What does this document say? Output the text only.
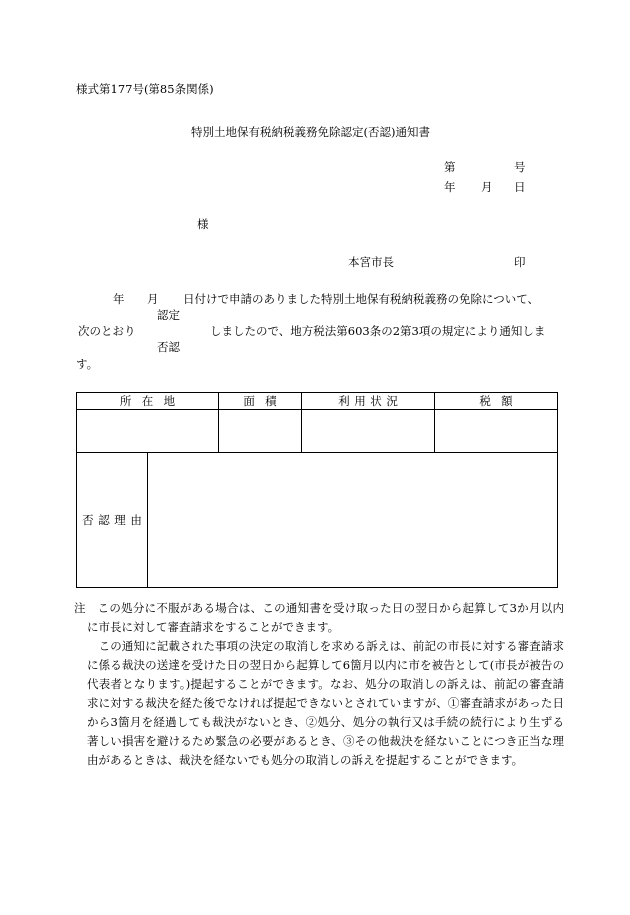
様式第177号(第85条関係)
特別土地保有税納税義務免除認定(否認)通知書
第	号
年 月 日
様
本宮市長	印
年 月 日付けで申請のありました特別土地保有税納税義務の免除について、
認定
次のとおり	しましたので、地方税法第603条の2第3項の規定により通知しま
否認
す。
所在地		面積	利用状況	税額

否認理由				

注　この処分に不服がある場合は、この通知書を受け取った日の翌日から起算して3か月以内に市長に対して審査請求をすることができます。

　この通知に記載された事項の決定の取消しを求める訴えは、前記の市長に対する審査請求に係る裁決の送達を受けた日の翌日から起算して6箇月以内に市を被告として(市長が被告の代表者となります。)提起することができます。なお、処分の取消しの訴えは、前記の審査請求に対する裁決を経た後でなければ提起できないとされていますが、①審査請求があった日から3箇月を経過しても裁決がないとき、②処分、処分の執行又は手続の続行により生ずる著しい損害を避けるため緊急の必要があるとき、③その他裁決を経ないことにつき正当な理由があるときは、裁決を経ないでも処分の取消しの訴えを提起することができます。
